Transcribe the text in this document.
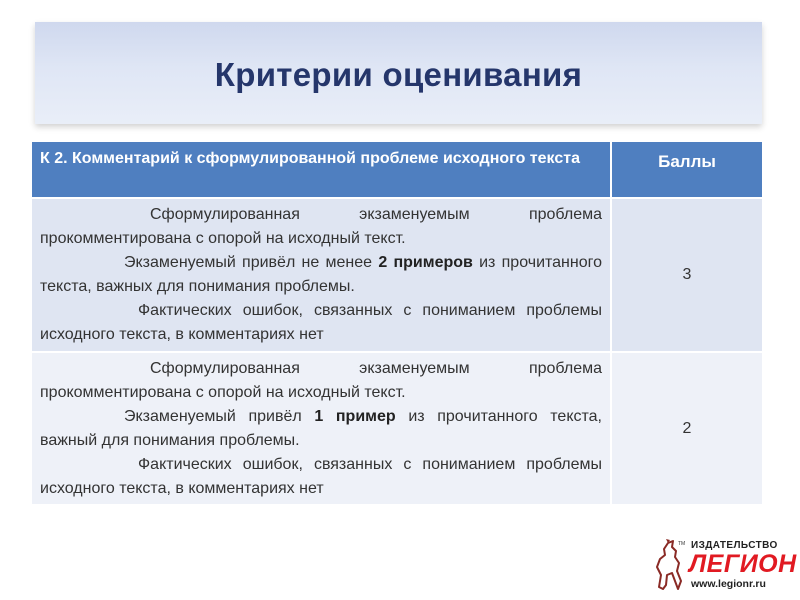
Критерии оценивания
К 2. Комментарий к сформулированной проблеме исходного текста	Баллы

Сформулированная экзаменуемым проблема прокомментирована с опорой на исходный текст.

Экзаменуемый привёл не менее 2 примеров из прочитанного текста, важных для понимания проблемы.

Фактических ошибок, связанных с пониманием проблемы исходного текста, в комментариях нет	3

Сформулированная экзаменуемым проблема прокомментирована с опорой на исходный текст.

Экзаменуемый привёл 1 пример из прочитанного текста, важный для понимания проблемы.

Фактических ошибок, связанных с пониманием проблемы исходного текста, в комментариях нет	2
TM ИЗДАТЕЛЬСТВО
ЛЕГИОН
www.legionr.ru
